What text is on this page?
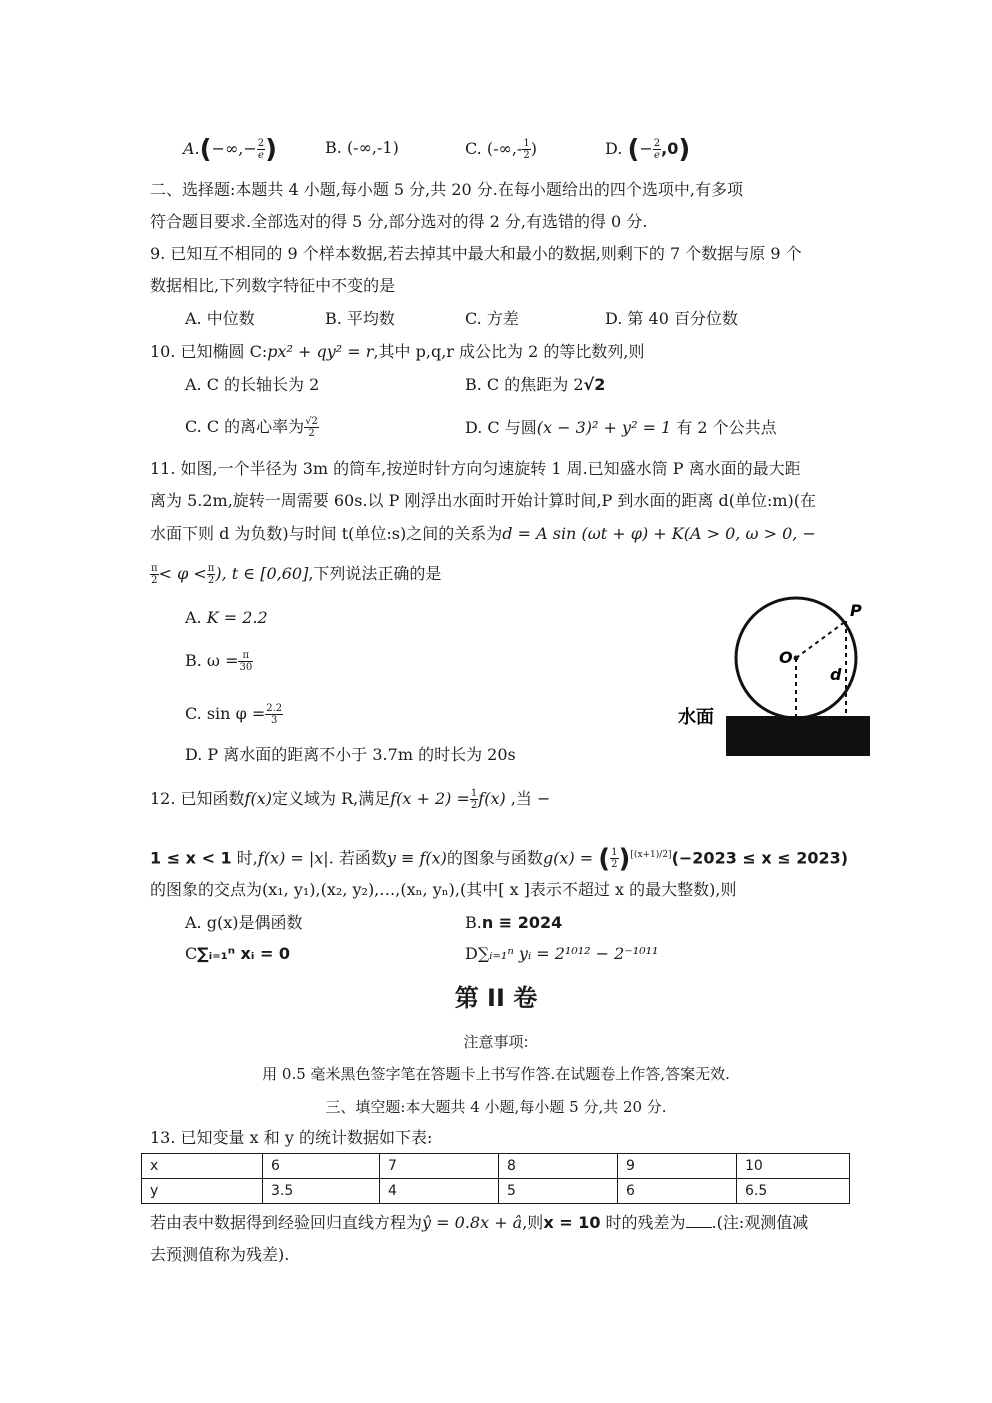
$A.(-\infty,- \frac{2}{e}$ )	B. (-∞,-1)	C. (-∞,- $\frac{1}{2}$ )	D. (− $\frac{2}{e} ,0$)
二、选择题:本题共 4 小题,每小题 5 分,共 20 分.在每小题给出的四个选项中,有多项
符合题目要求.全部选对的得 5 分,部分选对的得 2 分,有选错的得 0 分.
9. 已知互不相同的 9 个样本数据,若去掉其中最大和最小的数据,则剩下的 7 个数据与原 9 个
数据相比,下列数字特征中不变的是
A. 中位数	B. 平均数	C. 方差	D. 第 40 百分位数
10. 已知椭圆 C:px² + qy² = r,其中 p,q,r 成公比为 2 的等比数列,则
A. C 的长轴长为 2	B. C 的焦距为 2√2
C. C 的离心率为 $\frac{√2}{2}$	D. C 与圆(x − 3)² + y² = 1 有 2 个公共点
11. 如图,一个半径为 3m 的筒车,按逆时针方向匀速旋转 1 周.已知盛水筒 P 离水面的最大距
离为 5.2m,旋转一周需要 60s.以 P 刚浮出水面时开始计算时间,P 到水面的距离 d(单位:m)(在
水面下则 d 为负数)与时间 t(单位:s)之间的关系为d = A sin (ωt + φ) + K(A > 0, ω > 0, −
$\frac{\pi}{2} < \varphi < \frac{\pi}{2}$ ), t ∈ [0,60],下列说法正确的是
A. K = 2.2
B. $\omega = \frac{\pi}{30}$
C. $\sin \varphi = \frac{2.2}{3}$
D. P 离水面的距离不小于 3.7m 的时长为 20s
P
O
d
水面
12. 已知函数f(x)定义域为 R,满足$f(x + 2) = \frac{1}{2} f(x)$ ,当 −
1 ≤ x < 1 时,f(x) = |x|. 若函数y ≡ f(x)的图象与函数g(x) = ( $\frac{1}{2} )[(x+1)/2](-2023 \le x \le 2023)$
的图象的交点为(x₁, y₁),(x₂, y₂),…,(xₙ, yₙ),(其中[ x ]表示不超过 x 的最大整数),则
A. g(x)是偶函数	B.n ≡ 2024
C∑ᵢ₌₁ⁿ xᵢ = 0	D∑ᵢ₌₁ⁿ yᵢ = 2¹⁰¹² − 2⁻¹⁰¹¹
第 II 卷
注意事项:
用 0.5 毫米黑色签字笔在答题卡上书写作答.在试题卷上作答,答案无效.
三、填空题:本大题共 4 小题,每小题 5 分,共 20 分.
13. 已知变量 x 和 y 的统计数据如下表:
x	6	7	8	9	10
y	3.5	4	5	6	6.5
若由表中数据得到经验回归直线方程为ŷ = 0.8x + â,则x = 10 时的残差为 .(注:观测值减
去预测值称为残差).
